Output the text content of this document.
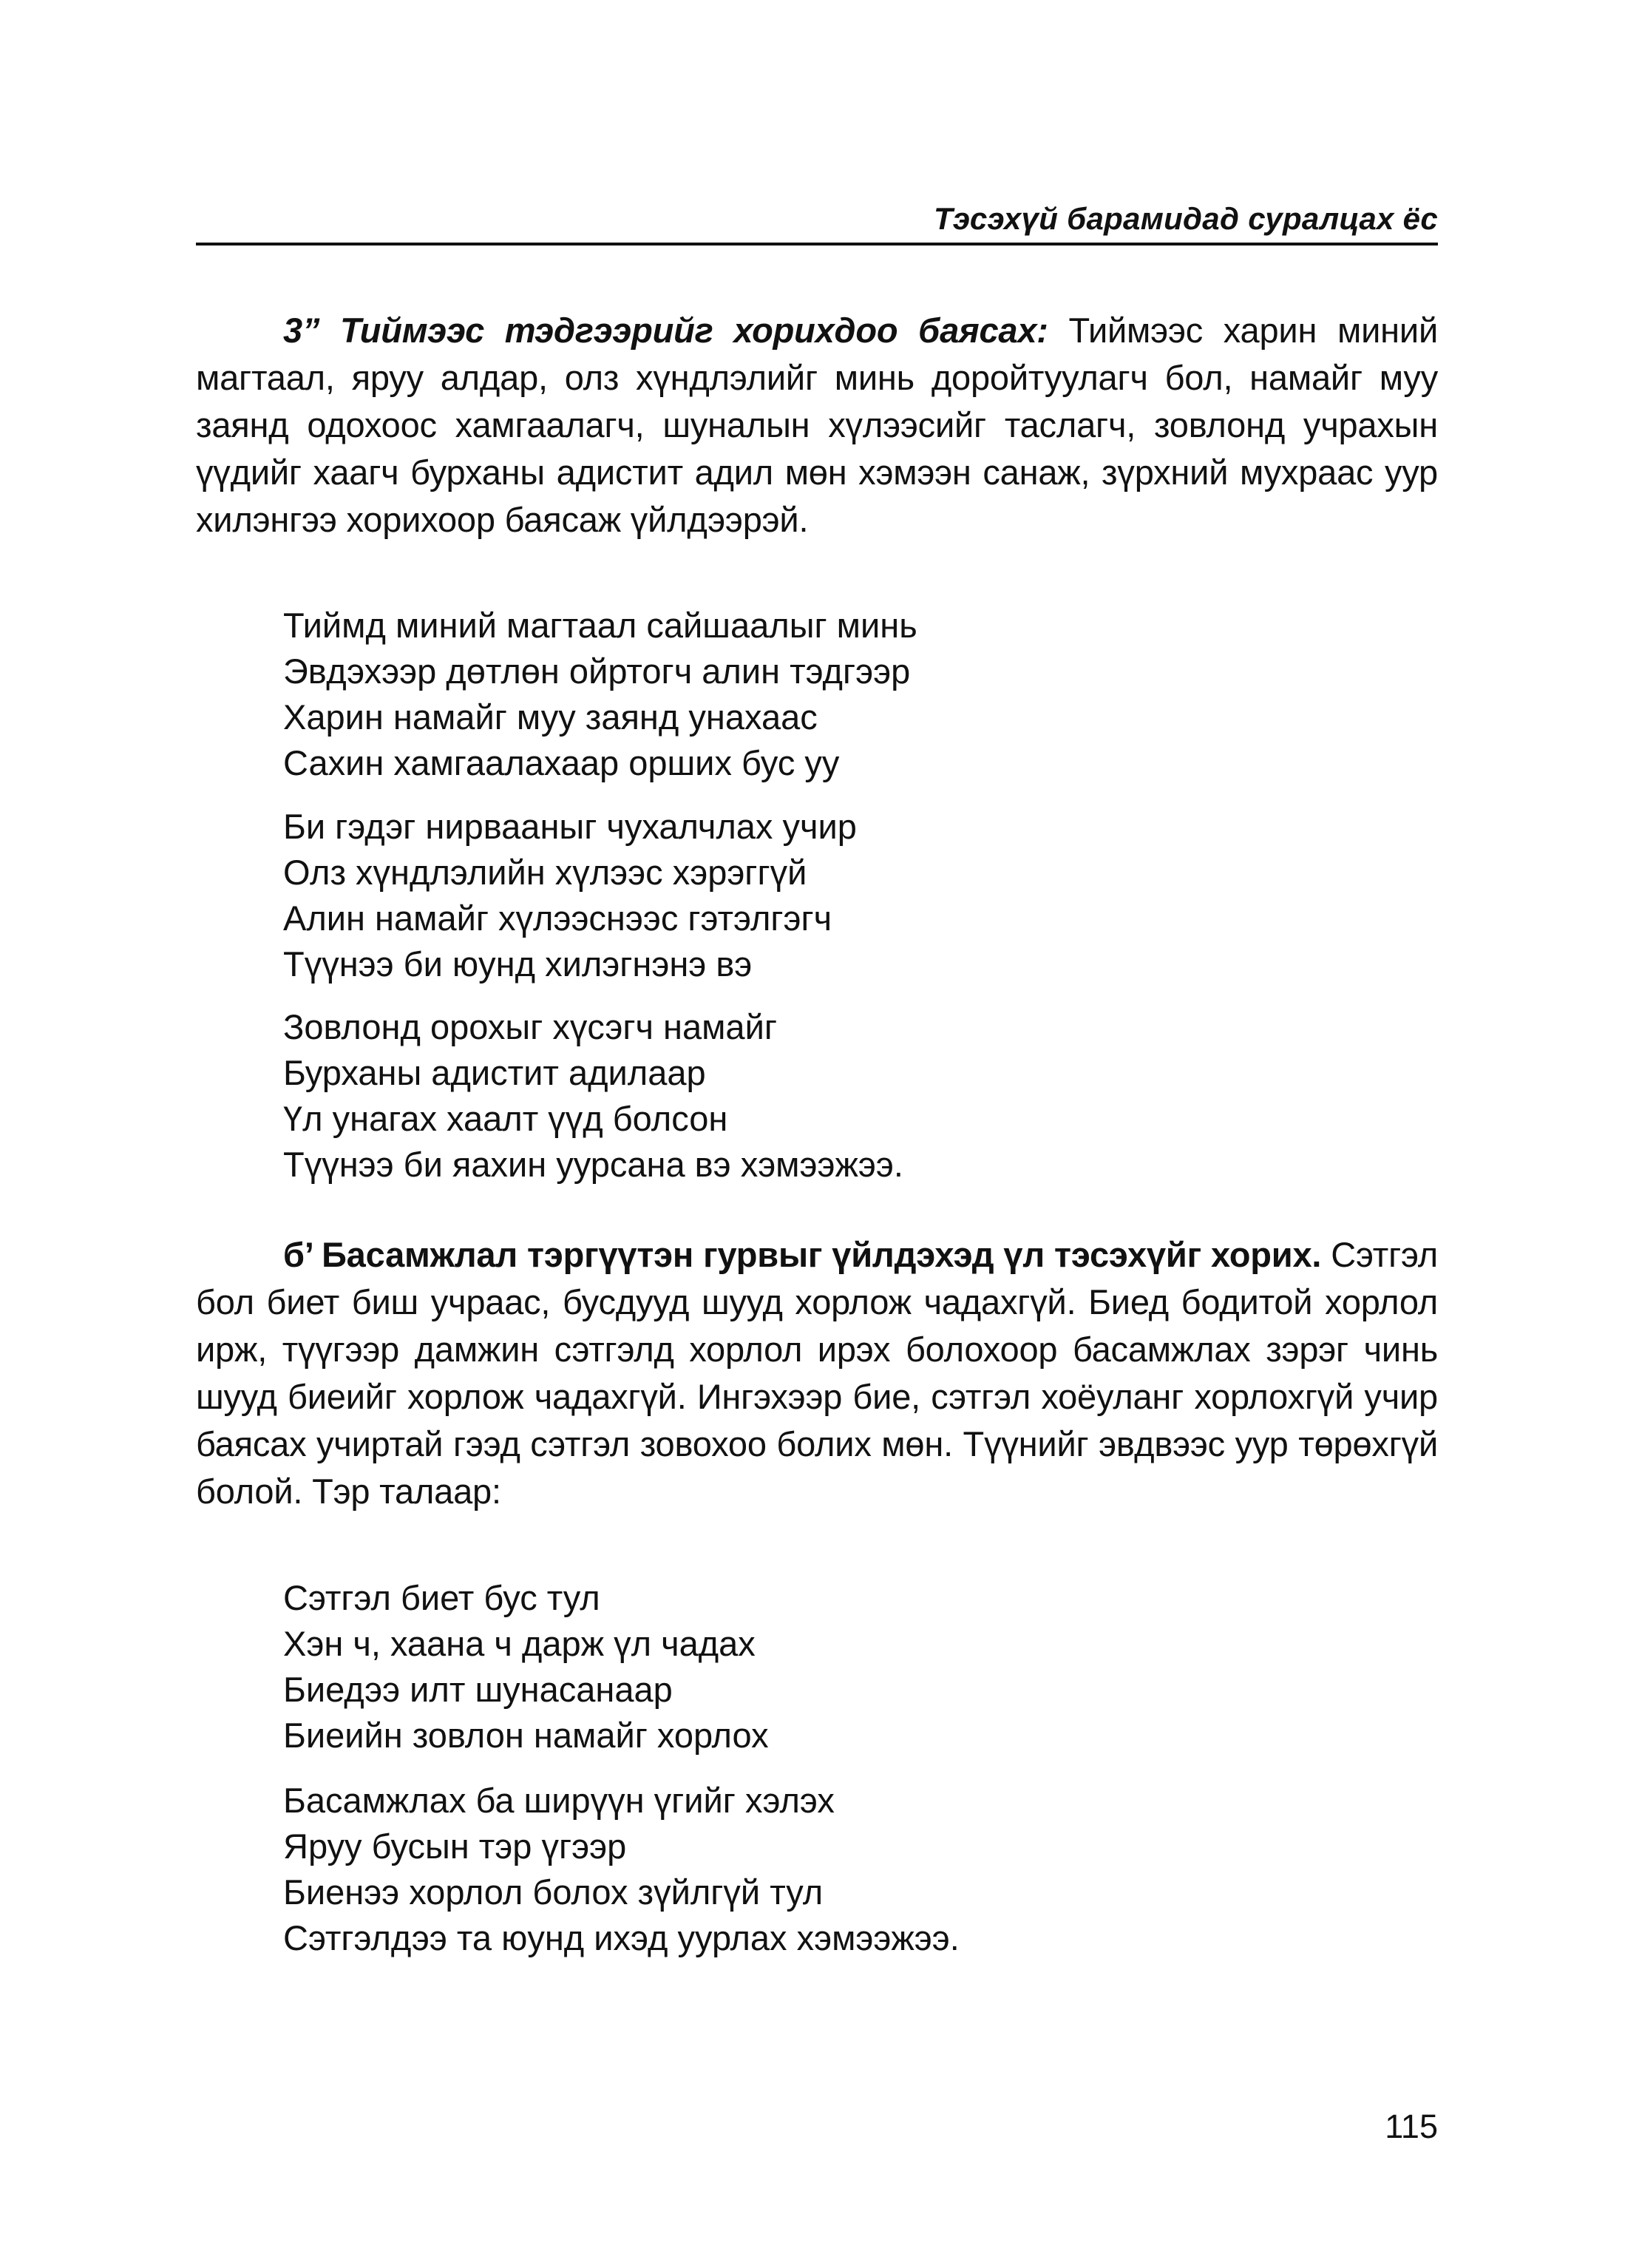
Тэсэхүй барамидад суралцах ёс
3” Тиймээс тэдгээрийг хорихдоо баясах: Тиймээс харин миний магтаал, яруу алдар, олз хүндлэлийг минь доройтуулагч бол, намайг муу заянд одохоос хамгаалагч, шуналын хүлээсийг таслагч, зовлонд учрахын үүдийг хаагч бурханы адистит адил мөн хэмээн санаж, зүрхний мухраас уур хилэнгээ хорихоор баясаж үйлдээрэй.
Тиймд миний магтаал сайшаалыг минь
Эвдэхээр дөтлөн ойртогч алин тэдгээр
Харин намайг муу заянд унахаас
Сахин хамгаалахаар орших бус уу
Би гэдэг нирвааныг чухалчлах учир
Олз хүндлэлийн хүлээс хэрэггүй
Алин намайг хүлээснээс гэтэлгэгч
Түүнээ би юунд хилэгнэнэ вэ
Зовлонд орохыг хүсэгч намайг
Бурханы адистит адилаар
Үл унагах хаалт үүд болсон
Түүнээ би яахин уурсана вэ хэмээжээ.
б’ Басамжлал тэргүүтэн гурвыг үйлдэхэд үл тэсэхүйг хорих. Сэтгэл бол биет биш учраас, бусдууд шууд хорлож чадахгүй. Биед бодитой хорлол ирж, түүгээр дамжин сэтгэлд хорлол ирэх болохоор басамжлах зэрэг чинь шууд биеийг хорлож чадахгүй. Ингэхээр бие, сэтгэл хоёуланг хорлохгүй учир баясах учиртай гээд сэтгэл зовохоо болих мөн. Түүнийг эвдвээс уур төрөхгүй болой. Тэр талаар:
Сэтгэл биет бус тул
Хэн ч, хаана ч дарж үл чадах
Биедээ илт шунасанаар
Биеийн зовлон намайг хорлох
Басамжлах ба ширүүн үгийг хэлэх
Яруу бусын тэр үгээр
Биенээ хорлол болох зүйлгүй тул
Сэтгэлдээ та юунд ихэд уурлах хэмээжээ.
115
